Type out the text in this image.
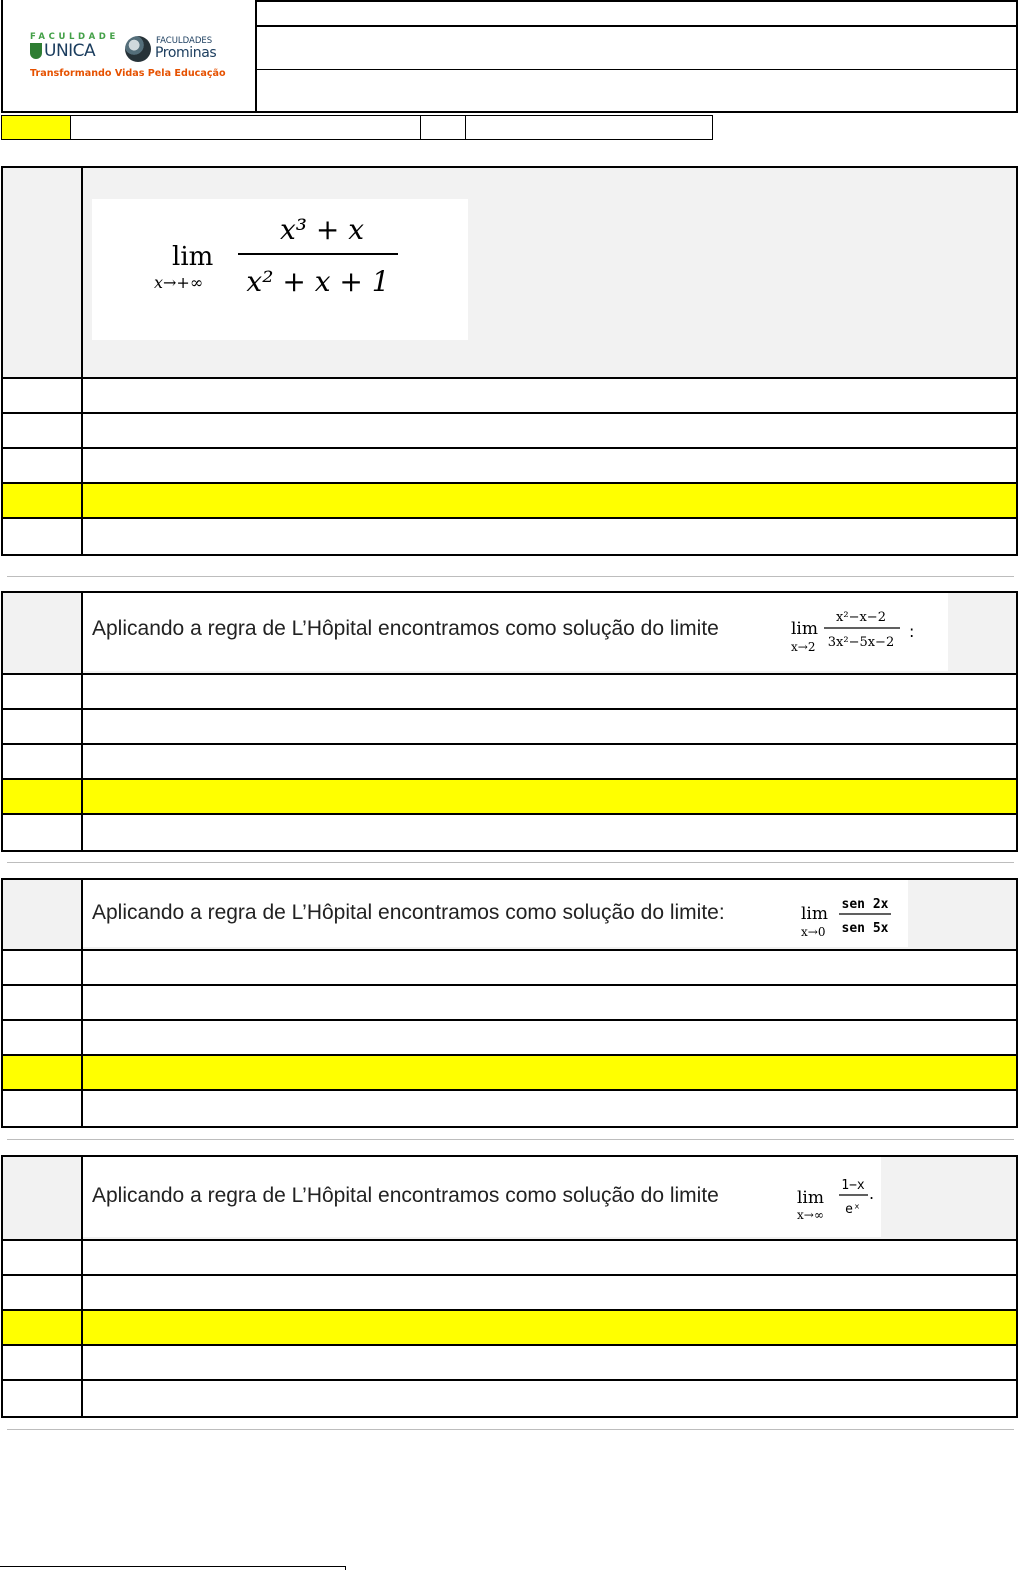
FACULDADE
UNICA	FACULDADES
Prominas
Transformando Vidas Pela Educação
lim
x→+∞
x³ + x
x² + x + 1
Aplicando a regra de L’Hôpital encontramos como solução do limite	lim
x→2
x²−x−2
3x²−5x−2
:
Aplicando a regra de L’Hôpital encontramos como solução do limite:	lim
x→0
sen 2x
sen 5x
Aplicando a regra de L’Hôpital encontramos como solução do limite	lim
x→∞
1−x
eˣ
.
